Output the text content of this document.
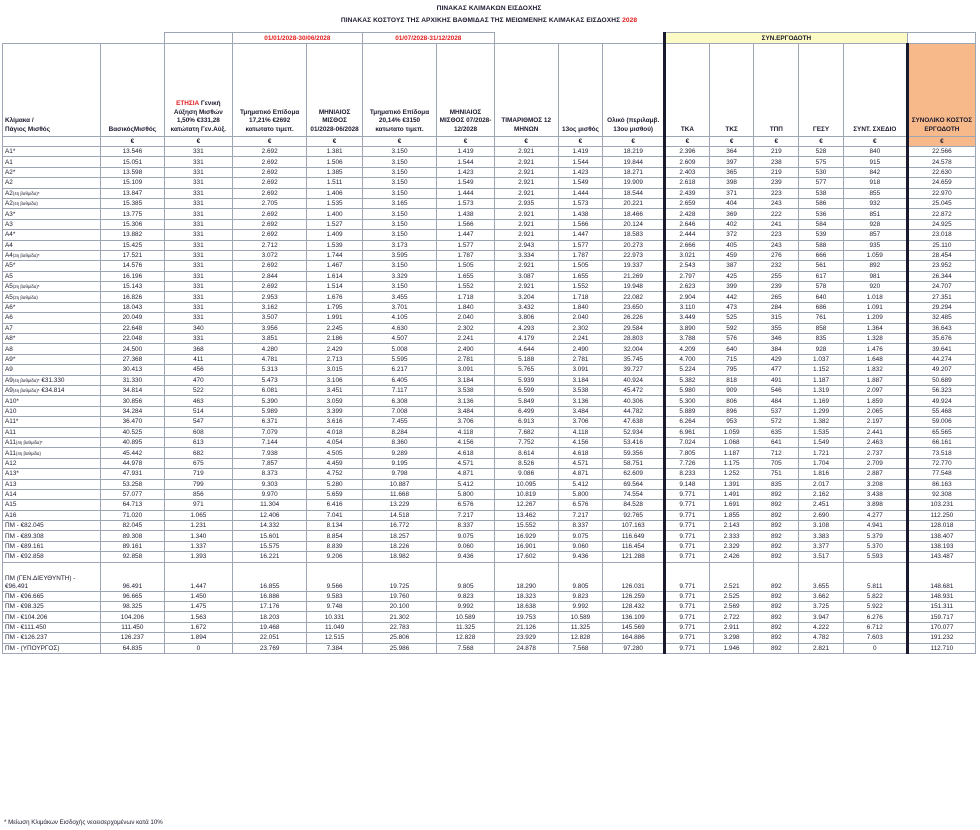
ΠΙΝΑΚΑΣ ΚΛΙΜΑΚΩΝ ΕΙΣΔΟΧΗΣ
ΠΙΝΑΚΑΣ ΚΟΣΤΟΥΣ ΤΗΣ ΑΡΧΙΚΗΣ ΒΑΘΜΙΔΑΣ ΤΗΣ ΜΕΙΩΜΕΝΗΣ ΚΛΙΜΑΚΑΣ ΕΙΣΔΟΧΗΣ 2028
			01/01/2028-30/06/2028		01/07/2028-31/12/2028					ΣΥΝ.ΕΡΓΟΔΟΤΗ					
Κλίμακα /
Πάγιος Μισθός	ΒασικόςΜισθός	ΕΤΗΣΙΑ Γενική Αύξηση Μισθών 1,50% €331,28 κατώτατη Γεν.Αύξ.	Τμηματικό Επίδομα 17,21% €2692 κατωτατο τιμεπ.	ΜΗΝΙΑΙΟΣ ΜΙΣΘΟΣ 01/2028-06/2028	Τμηματικό Επίδομα 20,14% €3150 κατωτατο τιμεπ.	ΜΗΝΙΑΙΟΣ ΜΙΣΘΟΣ 07/2028-12/2028	ΤΙΜΑΡΙΘΜΟΣ 12 ΜΗΝΩΝ	13ος μισθός	Ολικό (περιλαμβ. 13ου μισθού)	ΤΚΑ	ΤΚΣ	ΤΠΠ	ΓΕΣΥ	ΣΥΝΤ. ΣΧΕΔΙΟ	ΣΥΝΟΛΙΚΟ ΚΟΣΤΟΣ ΕΡΓΟΔΟΤΗ
	€	€	€	€	€	€	€	€	€	€	€	€	€	€	€
A1*	13.546	331	2.692	1.381	3.150	1.419	2.921	1.419	18.219	2.396	364	219	528	840	22.566
A1	15.051	331	2.692	1.506	3.150	1.544	2.921	1.544	19.844	2.609	397	238	575	915	24.578
A2*	13.598	331	2.692	1.385	3.150	1.423	2.921	1.423	18.271	2.403	365	219	530	842	22.630
A2	15.109	331	2.692	1.511	3.150	1.549	2.921	1.549	19.909	2.618	398	239	577	918	24.659
$A2^{(4\eta \beta\alpha\theta\mu ί\delta\alpha)*}$	13.847	331	2.692	1.406	3.150	1.444	2.921	1.444	18.544	2.439	371	223	538	855	22.970
$A2^{(4\eta \beta\alpha\theta\mu ί\delta\alpha)}$	15.385	331	2.705	1.535	3.165	1.573	2.935	1.573	20.221	2.659	404	243	586	932	25.045
A3*	13.775	331	2.692	1.400	3.150	1.438	2.921	1.438	18.466	2.428	369	222	536	851	22.872
A3	15.306	331	2.692	1.527	3.150	1.566	2.921	1.566	20.124	2.646	402	241	584	928	24.925
A4*	13.882	331	2.692	1.409	3.150	1.447	2.921	1.447	18.583	2.444	372	223	539	857	23.018
A4	15.425	331	2.712	1.539	3.173	1.577	2.943	1.577	20.273	2.666	405	243	588	935	25.110
$A4^{(3\eta \beta\alpha\theta\mu ί\delta\alpha)*}$	17.521	331	3.072	1.744	3.595	1.787	3.334	1.787	22.973	3.021	459	276	666	1.059	28.454
A5*	14.576	331	2.692	1.467	3.150	1.505	2.921	1.505	19.337	2.543	387	232	561	892	23.952
A5	16.196	331	2.844	1.614	3.329	1.655	3.087	1.655	21.269	2.797	425	255	617	981	26.344
$A5^{(2\eta \beta\alpha\theta\mu ί\delta\alpha)*}$	15.143	331	2.692	1.514	3.150	1.552	2.921	1.552	19.948	2.623	399	239	578	920	24.707
$A5^{(2\eta \beta\alpha\theta\mu ί\delta\alpha)}$	16.826	331	2.953	1.676	3.455	1.718	3.204	1.718	22.082	2.904	442	265	640	1.018	27.351
A6*	18.043	331	3.162	1.795	3.701	1.840	3.432	1.840	23.650	3.110	473	284	686	1.091	29.294
A6	20.049	331	3.507	1.991	4.105	2.040	3.806	2.040	26.226	3.449	525	315	761	1.209	32.485
A7	22.648	340	3.956	2.245	4.630	2.302	4.293	2.302	29.584	3.890	592	355	858	1.364	36.643
A8*	22.048	331	3.851	2.186	4.507	2.241	4.179	2.241	28.803	3.788	576	346	835	1.328	35.676
A8	24.500	368	4.280	2.429	5.008	2.490	4.644	2.490	32.004	4.209	640	384	928	1.476	39.641
A9*	27.368	411	4.781	2.713	5.595	2.781	5.188	2.781	35.745	4.700	715	429	1.037	1.648	44.274
A9	30.413	456	5.313	3.015	6.217	3.091	5.765	3.091	39.727	5.224	795	477	1.152	1.832	49.207
$A9^{(4\eta \beta\alpha\theta\mu ί\delta\alpha)*}$ €31.330	31.330	470	5.473	3.106	6.405	3.184	5.939	3.184	40.924	5.382	818	491	1.187	1.887	50.689
$A9^{(4\eta \beta\alpha\theta\mu ί\delta\alpha)*}$ €34.814	34.814	522	6.081	3.451	7.117	3.538	6.599	3.538	45.472	5.980	909	546	1.319	2.097	56.323
A10*	30.856	463	5.390	3.059	6.308	3.136	5.849	3.136	40.306	5.300	806	484	1.169	1.859	49.924
A10	34.284	514	5.989	3.399	7.008	3.484	6.499	3.484	44.782	5.889	896	537	1.299	2.065	55.468
A11*	36.470	547	6.371	3.616	7.455	3.706	6.913	3.706	47.638	6.264	953	572	1.382	2.197	59.006
A11	40.525	608	7.079	4.018	8.284	4.118	7.682	4.118	52.934	6.961	1.059	635	1.535	2.441	65.565
$A11^{(4\eta \beta\alpha\theta\mu ί\delta\alpha)*}$	40.895	613	7.144	4.054	8.360	4.156	7.752	4.156	53.416	7.024	1.068	641	1.549	2.463	66.161
$A11^{(4\eta \beta\alpha\theta\mu ί\delta\alpha)}$	45.442	682	7.938	4.505	9.289	4.618	8.614	4.618	59.356	7.805	1.187	712	1.721	2.737	73.518
A12	44.978	675	7.857	4.459	9.195	4.571	8.526	4.571	58.751	7.726	1.175	705	1.704	2.709	72.770
A13*	47.931	719	8.373	4.752	9.798	4.871	9.086	4.871	62.609	8.233	1.252	751	1.816	2.887	77.548
A13	53.258	799	9.303	5.280	10.887	5.412	10.095	5.412	69.564	9.148	1.391	835	2.017	3.208	86.163
A14	57.077	856	9.970	5.659	11.668	5.800	10.819	5.800	74.554	9.771	1.491	892	2.162	3.438	92.308
A15	64.713	971	11.304	6.416	13.229	6.576	12.267	6.576	84.528	9.771	1.691	892	2.451	3.898	103.231
A16	71.020	1.065	12.406	7.041	14.518	7.217	13.462	7.217	92.765	9.771	1.855	892	2.690	4.277	112.250
ΠΜ - €82.045	82.045	1.231	14.332	8.134	16.772	8.337	15.552	8.337	107.163	9.771	2.143	892	3.108	4.941	128.018
ΠΜ - €89.308	89.308	1.340	15.601	8.854	18.257	9.075	16.929	9.075	116.649	9.771	2.333	892	3.383	5.379	138.407
ΠΜ - €89.161	89.161	1.337	15.575	8.839	18.226	9.060	16.901	9.060	116.454	9.771	2.329	892	3.377	5.370	138.193
ΠΜ - €92.858	92.858	1.393	16.221	9.206	18.982	9.436	17.602	9.436	121.288	9.771	2.426	892	3.517	5.593	143.487
ΠΜ (ΓΕΝ.ΔΙΕΥΘΥΝΤΗ) - €96.491	96.491	1.447	16.855	9.566	19.725	9.805	18.290	9.805	126.031	9.771	2.521	892	3.655	5.811	148.681
ΠΜ - €96.665	96.665	1.450	16.886	9.583	19.760	9.823	18.323	9.823	126.259	9.771	2.525	892	3.662	5.822	148.931
ΠΜ - €98.325	98.325	1.475	17.176	9.748	20.100	9.992	18.638	9.992	128.432	9.771	2.569	892	3.725	5.922	151.311
ΠΜ - €104.206	104.206	1.563	18.203	10.331	21.302	10.589	19.753	10.589	136.109	9.771	2.722	892	3.947	6.276	159.717
ΠΜ - €111.450	111.450	1.672	19.468	11.049	22.783	11.325	21.126	11.325	145.569	9.771	2.911	892	4.222	6.712	170.077
ΠΜ - €126.237	126.237	1.894	22.051	12.515	25.806	12.828	23.929	12.828	164.886	9.771	3.298	892	4.782	7.603	191.232
ΠΜ - (ΥΠΟΥΡΓΟΣ)	64.835	0	23.769	7.384	25.986	7.568	24.878	7.568	97.280	9.771	1.946	892	2.821	0	112.710
* Μείωση Κλιμάκων Εισδοχής νεοεισερχομένων κατά 10%
